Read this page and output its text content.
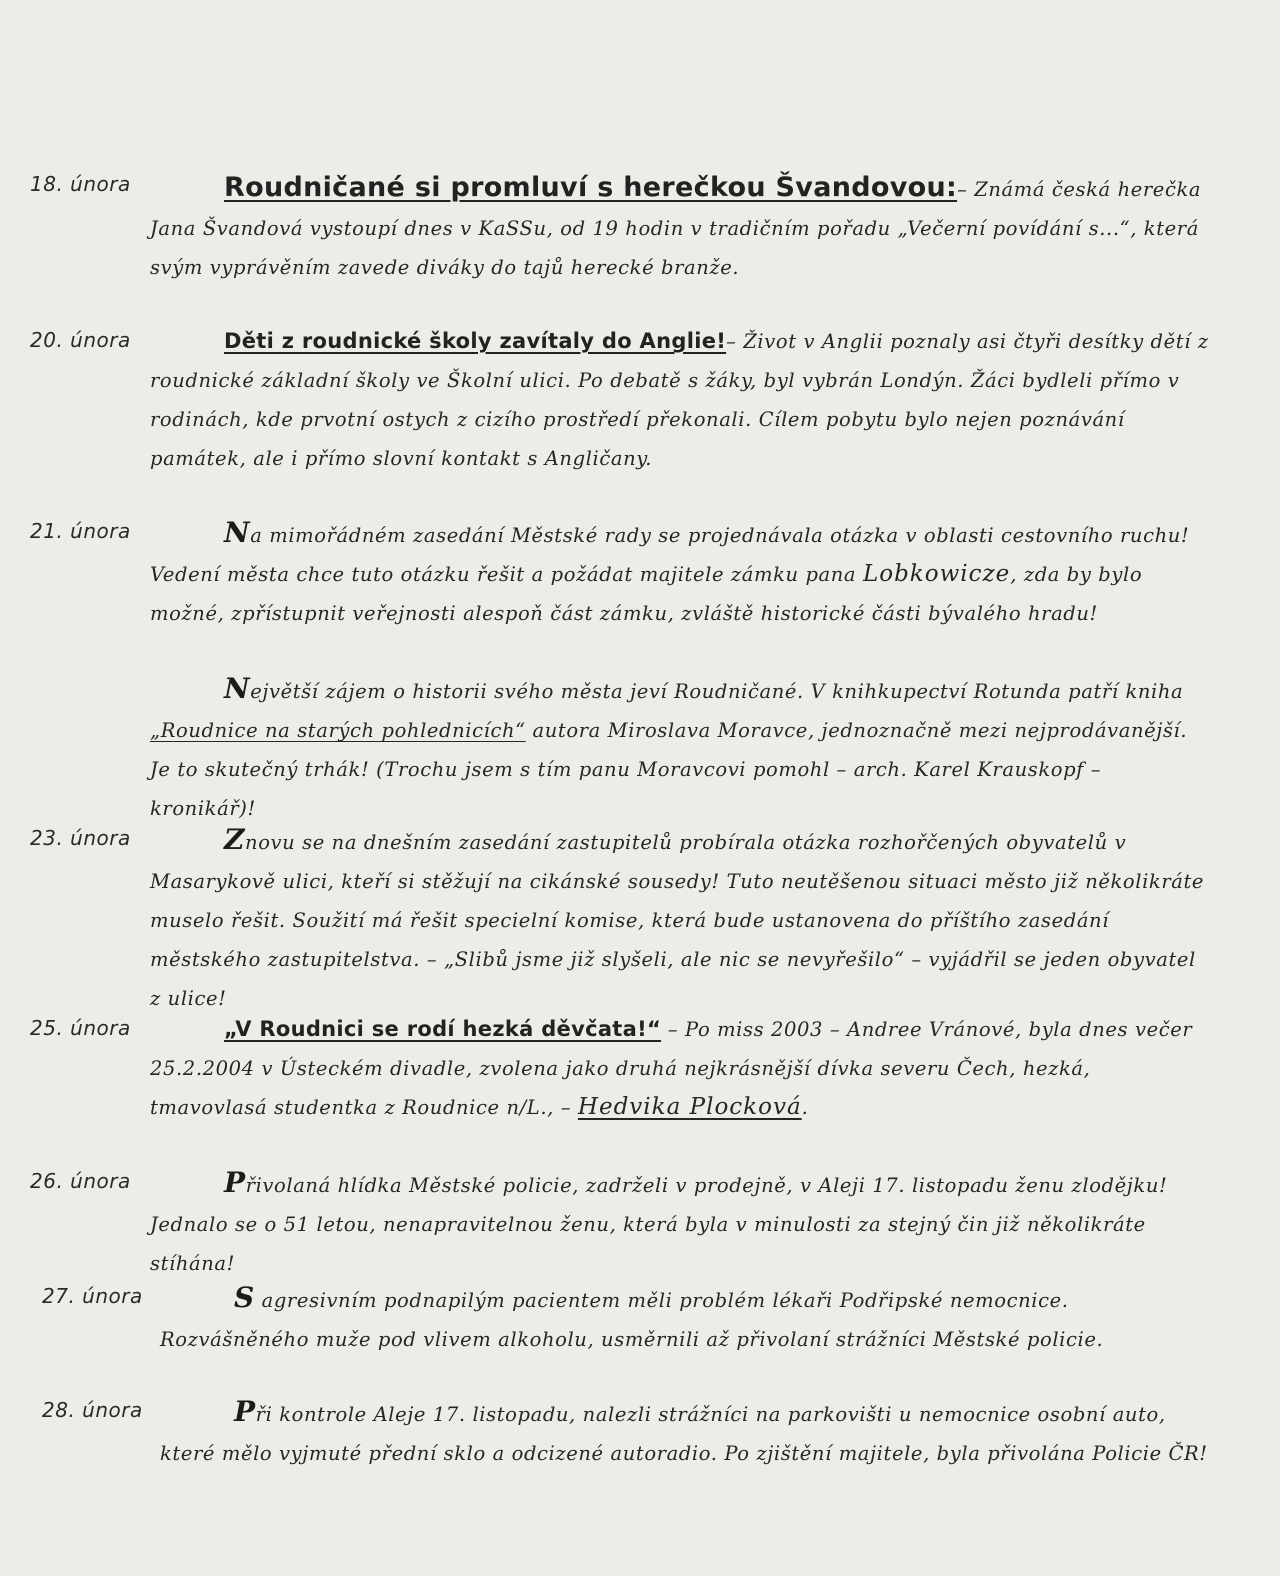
18. února	Roudničané si promluví s herečkou Švandovou:– Známá česká herečka Jana Švandová vystoupí dnes v KaSSu, od 19 hodin v tradičním pořadu „Večerní povídání s...“, která svým vyprávěním zavede diváky do tajů herecké branže.
20. února	Děti z roudnické školy zavítaly do Anglie!– Život v Anglii poznaly asi čtyři desítky dětí z roudnické základní školy ve Školní ulici. Po debatě s žáky, byl vybrán Londýn. Žáci bydleli přímo v rodinách, kde prvotní ostych z cizího prostředí překonali. Cílem pobytu bylo nejen poznávání památek, ale i přímo slovní kontakt s Angličany.
21. února	Na mimořádném zasedání Městské rady se projednávala otázka v oblasti cestovního ruchu! Vedení města chce tuto otázku řešit a požádat majitele zámku pana Lobkowicze, zda by bylo možné, zpřístupnit veřejnosti alespoň část zámku, zvláště historické části bývalého hradu!
Největší zájem o historii svého města jeví Roudničané. V knihkupectví Rotunda patří kniha „Roudnice na starých pohlednicích“ autora Miroslava Moravce, jednoznačně mezi nejprodávanější. Je to skutečný trhák! (Trochu jsem s tím panu Moravcovi pomohl – arch. Karel Krauskopf – kronikář)!
23. února	Znovu se na dnešním zasedání zastupitelů probírala otázka rozhořčených obyvatelů v Masarykově ulici, kteří si stěžují na cikánské sousedy! Tuto neutěšenou situaci město již několikráte muselo řešit. Soužití má řešit specielní komise, která bude ustanovena do příštího zasedání městského zastupitelstva. – „Slibů jsme již slyšeli, ale nic se nevyřešilo“ – vyjádřil se jeden obyvatel z ulice!
25. února	„V Roudnici se rodí hezká děvčata!“ – Po miss 2003 – Andree Vránové, byla dnes večer 25.2.2004 v Ústeckém divadle, zvolena jako druhá nejkrásnější dívka severu Čech, hezká, tmavovlasá studentka z Roudnice n/L., – Hedvika Plocková.
26. února	Přivolaná hlídka Městské policie, zadrželi v prodejně, v Aleji 17. listopadu ženu zlodějku! Jednalo se o 51 letou, nenapravitelnou ženu, která byla v minulosti za stejný čin již několikráte stíhána!
27. února	S agresivním podnapilým pacientem měli problém lékaři Podřipské nemocnice. Rozvášněného muže pod vlivem alkoholu, usměrnili až přivolaní strážníci Městské policie.
28. února	Při kontrole Aleje 17. listopadu, nalezli strážníci na parkovišti u nemocnice osobní auto, které mělo vyjmuté přední sklo a odcizené autoradio. Po zjištění majitele, byla přivolána Policie ČR!
